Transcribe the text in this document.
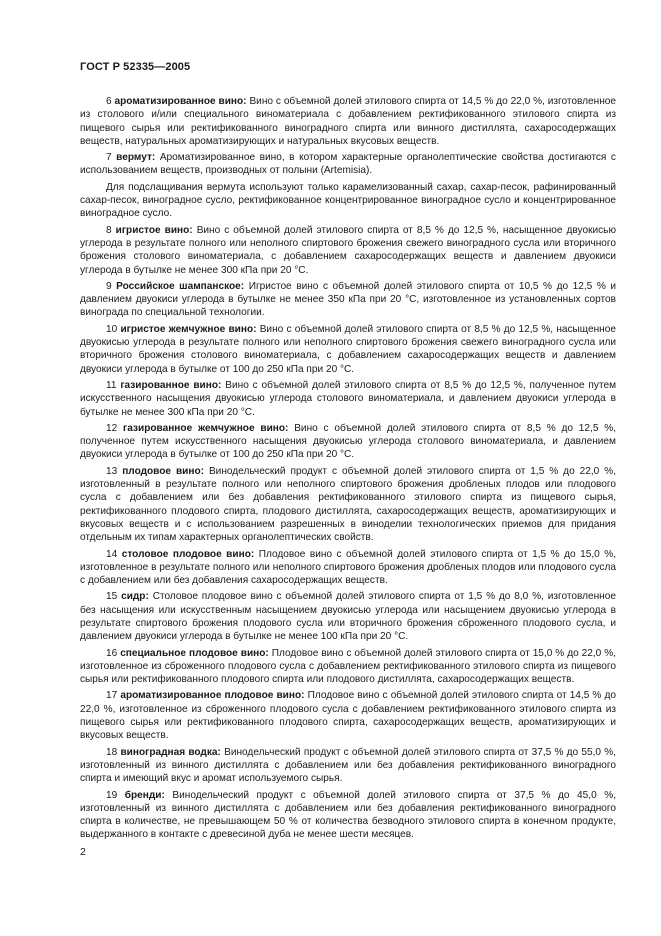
ГОСТ Р 52335—2005

6 ароматизированное вино: Вино с объемной долей этилового спирта от 14,5 % до 22,0 %, изготовленное из столового и/или специального виноматериала с добавлением ректификованного этилового спирта из пищевого сырья или ректификованного виноградного спирта или винного дистиллята, сахаросодержащих веществ, натуральных ароматизирующих и натуральных вкусовых веществ.

7 вермут: Ароматизированное вино, в котором характерные органолептические свойства достигаются с использованием веществ, производных от полыни (Artemisia).

Для подслащивания вермута используют только карамелизованный сахар, сахар-песок, рафинированный сахар-песок, виноградное сусло, ректификованное концентрированное виноградное сусло и концентрированное виноградное сусло.

8 игристое вино: Вино с объемной долей этилового спирта от 8,5 % до 12,5 %, насыщенное двуокисью углерода в результате полного или неполного спиртового брожения свежего виноградного сусла или вторичного брожения столового виноматериала, с добавлением сахаросодержащих веществ и давлением двуокиси углерода в бутылке не менее 300 кПа при 20 °С.

9 Российское шампанское: Игристое вино с объемной долей этилового спирта от 10,5 % до 12,5 % и давлением двуокиси углерода в бутылке не менее 350 кПа при 20 °С, изготовленное из установленных сортов винограда по специальной технологии.

10 игристое жемчужное вино: Вино с объемной долей этилового спирта от 8,5 % до 12,5 %, насыщенное двуокисью углерода в результате полного или неполного спиртового брожения свежего виноградного сусла или вторичного брожения столового виноматериала, с добавлением сахаросодержащих веществ и давлением двуокиси углерода в бутылке от 100 до 250 кПа при 20 °С.

11 газированное вино: Вино с объемной долей этилового спирта от 8,5 % до 12,5 %, полученное путем искусственного насыщения двуокисью углерода столового виноматериала, и давлением двуокиси углерода в бутылке не менее 300 кПа при 20 °С.

12 газированное жемчужное вино: Вино с объемной долей этилового спирта от 8,5 % до 12,5 %, полученное путем искусственного насыщения двуокисью углерода столового виноматериала, и давлением двуокиси углерода в бутылке от 100 до 250 кПа при 20 °С.

13 плодовое вино: Винодельческий продукт с объемной долей этилового спирта от 1,5 % до 22,0 %, изготовленный в результате полного или неполного спиртового брожения дробленых плодов или плодового сусла с добавлением или без добавления ректификованного этилового спирта из пищевого сырья, ректификованного плодового спирта, плодового дистиллята, сахаросодержащих веществ, ароматизирующих и вкусовых веществ и с использованием разрешенных в виноделии технологических приемов для придания отдельным их типам характерных органолептических свойств.

14 столовое плодовое вино: Плодовое вино с объемной долей этилового спирта от 1,5 % до 15,0 %, изготовленное в результате полного или неполного спиртового брожения дробленых плодов или плодового сусла с добавлением или без добавления сахаросодержащих веществ.

15 сидр: Столовое плодовое вино с объемной долей этилового спирта от 1,5 % до 8,0 %, изготовленное без насыщения или искусственным насыщением двуокисью углерода или насыщением двуокисью углерода в результате спиртового брожения плодового сусла или вторичного брожения сброженного плодового сусла, и давлением двуокиси углерода в бутылке не менее 100 кПа при 20 °С.

16 специальное плодовое вино: Плодовое вино с объемной долей этилового спирта от 15,0 % до 22,0 %, изготовленное из сброженного плодового сусла с добавлением ректификованного этилового спирта из пищевого сырья или ректификованного плодового спирта или плодового дистиллята, сахаросодержащих веществ.

17 ароматизированное плодовое вино: Плодовое вино с объемной долей этилового спирта от 14,5 % до 22,0 %, изготовленное из сброженного плодового сусла с добавлением ректификованного этилового спирта из пищевого сырья или ректификованного плодового спирта, сахаросодержащих веществ, ароматизирующих и вкусовых веществ.

18 виноградная водка: Винодельческий продукт с объемной долей этилового спирта от 37,5 % до 55,0 %, изготовленный из винного дистиллята с добавлением или без добавления ректификованного виноградного спирта и имеющий вкус и аромат используемого сырья.

19 бренди: Винодельческий продукт с объемной долей этилового спирта от 37,5 % до 45,0 %, изготовленный из винного дистиллята с добавлением или без добавления ректификованного виноградного спирта в количестве, не превышающем 50 % от количества безводного этилового спирта в конечном продукте, выдержанного в контакте с древесиной дуба не менее шести месяцев.

2
